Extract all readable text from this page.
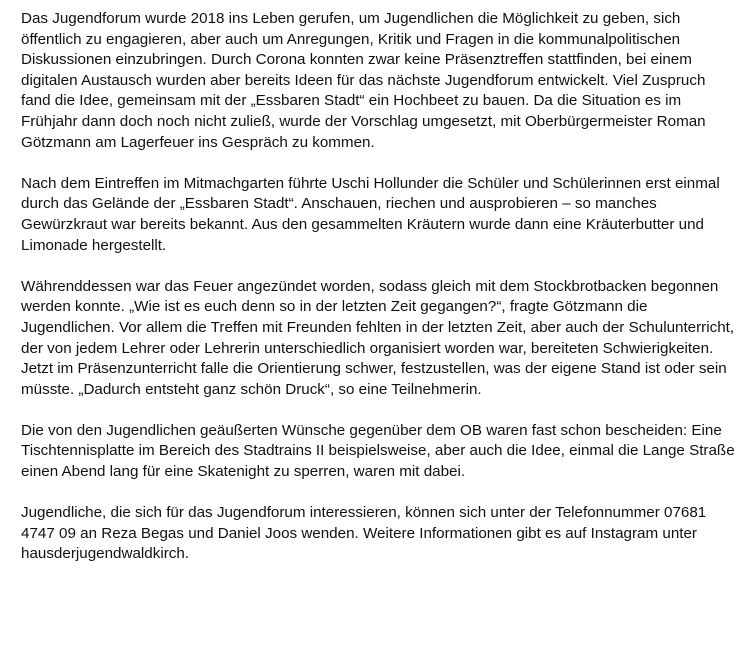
Das Jugendforum wurde 2018 ins Leben gerufen, um Jugendlichen die Möglichkeit zu geben, sich öffentlich zu engagieren, aber auch um Anregungen, Kritik und Fragen in die kommunalpolitischen Diskussionen einzubringen. Durch Corona konnten zwar keine Präsenztreffen stattfinden, bei einem digitalen Austausch wurden aber bereits Ideen für das nächste Jugendforum entwickelt. Viel Zuspruch fand die Idee, gemeinsam mit der „Essbaren Stadt“ ein Hochbeet zu bauen. Da die Situation es im Frühjahr dann doch noch nicht zuließ, wurde der Vorschlag umgesetzt, mit Oberbürgermeister Roman Götzmann am Lagerfeuer ins Gespräch zu kommen.

Nach dem Eintreffen im Mitmachgarten führte Uschi Hollunder die Schüler und Schülerinnen erst einmal durch das Gelände der „Essbaren Stadt“. Anschauen, riechen und ausprobieren – so manches Gewürzkraut war bereits bekannt. Aus den gesammelten Kräutern wurde dann eine Kräuterbutter und Limonade hergestellt.

Währenddessen war das Feuer angezündet worden, sodass gleich mit dem Stockbrotbacken begonnen werden konnte. „Wie ist es euch denn so in der letzten Zeit gegangen?“, fragte Götzmann die Jugendlichen. Vor allem die Treffen mit Freunden fehlten in der letzten Zeit, aber auch der Schulunterricht, der von jedem Lehrer oder Lehrerin unterschiedlich organisiert worden war, bereiteten Schwierigkeiten. Jetzt im Präsenzunterricht falle die Orientierung schwer, festzustellen, was der eigene Stand ist oder sein müsste. „Dadurch entsteht ganz schön Druck“, so eine Teilnehmerin.

Die von den Jugendlichen geäußerten Wünsche gegenüber dem OB waren fast schon bescheiden: Eine Tischtennisplatte im Bereich des Stadtrains II beispielsweise, aber auch die Idee, einmal die Lange Straße einen Abend lang für eine Skatenight zu sperren, waren mit dabei.

Jugendliche, die sich für das Jugendforum interessieren, können sich unter der Telefonnummer 07681 4747 09 an Reza Begas und Daniel Joos wenden. Weitere Informationen gibt es auf Instagram unter hausderjugendwaldkirch.
